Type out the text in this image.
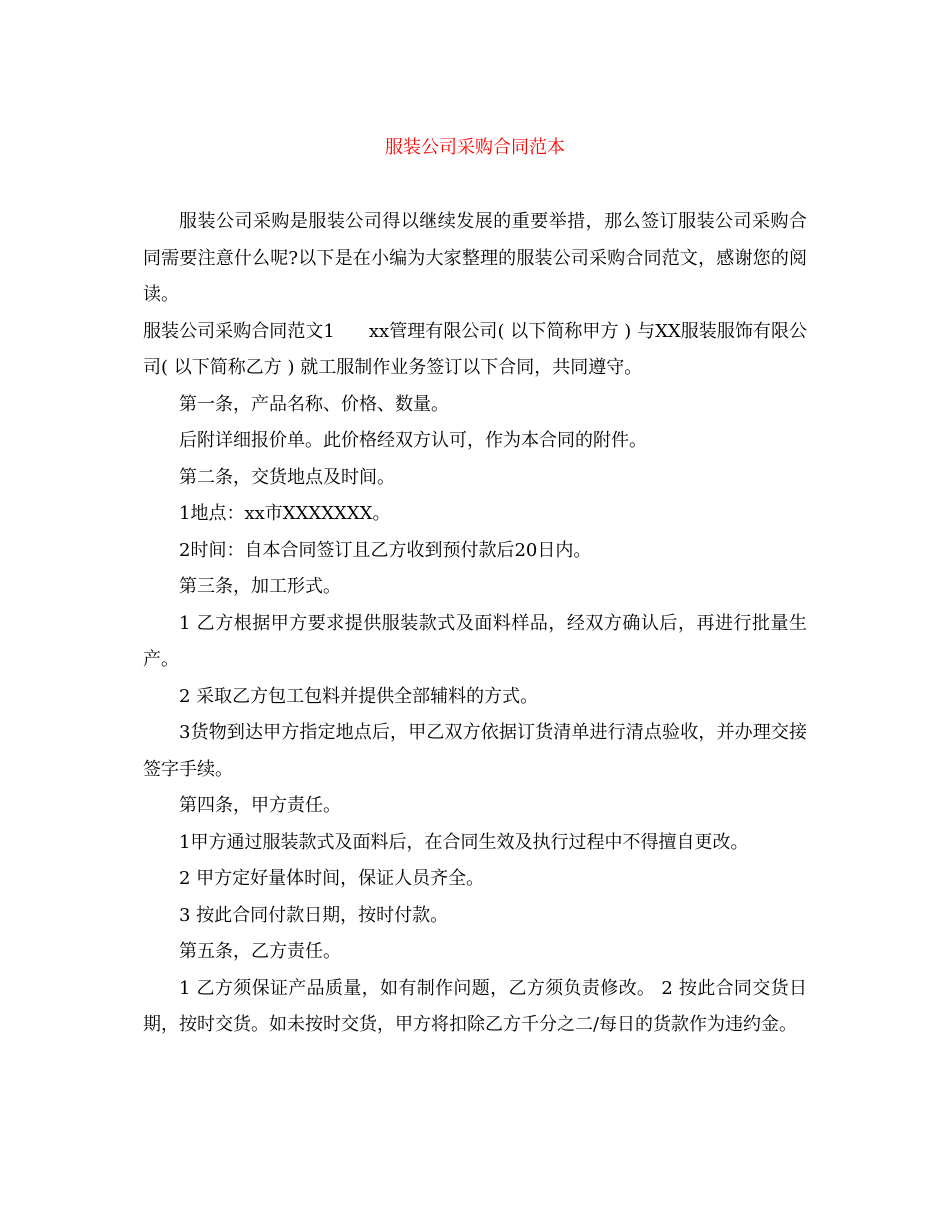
服装公司采购合同范本

服装公司采购是服装公司得以继续发展的重要举措，那么签订服装公司采购合同需要注意什么呢?以下是在小编为大家整理的服装公司采购合同范文，感谢您的阅读。

服装公司采购合同范文1 xx管理有限公司( 以下简称甲方 ) 与XX服装服饰有限公司( 以下简称乙方 ) 就工服制作业务签订以下合同，共同遵守。

第一条，产品名称、价格、数量。

后附详细报价单。此价格经双方认可，作为本合同的附件。

第二条，交货地点及时间。

1地点：xx市XXXXXXX。

2时间：自本合同签订且乙方收到预付款后20日内。

第三条，加工形式。

1 乙方根据甲方要求提供服装款式及面料样品，经双方确认后，再进行批量生产。

2 采取乙方包工包料并提供全部辅料的方式。

3货物到达甲方指定地点后，甲乙双方依据订货清单进行清点验收，并办理交接签字手续。

第四条，甲方责任。

1甲方通过服装款式及面料后，在合同生效及执行过程中不得擅自更改。

2 甲方定好量体时间，保证人员齐全。

3 按此合同付款日期，按时付款。

第五条，乙方责任。

1 乙方须保证产品质量，如有制作问题，乙方须负责修改。 2 按此合同交货日期，按时交货。如未按时交货，甲方将扣除乙方千分之二/每日的货款作为违约金。
